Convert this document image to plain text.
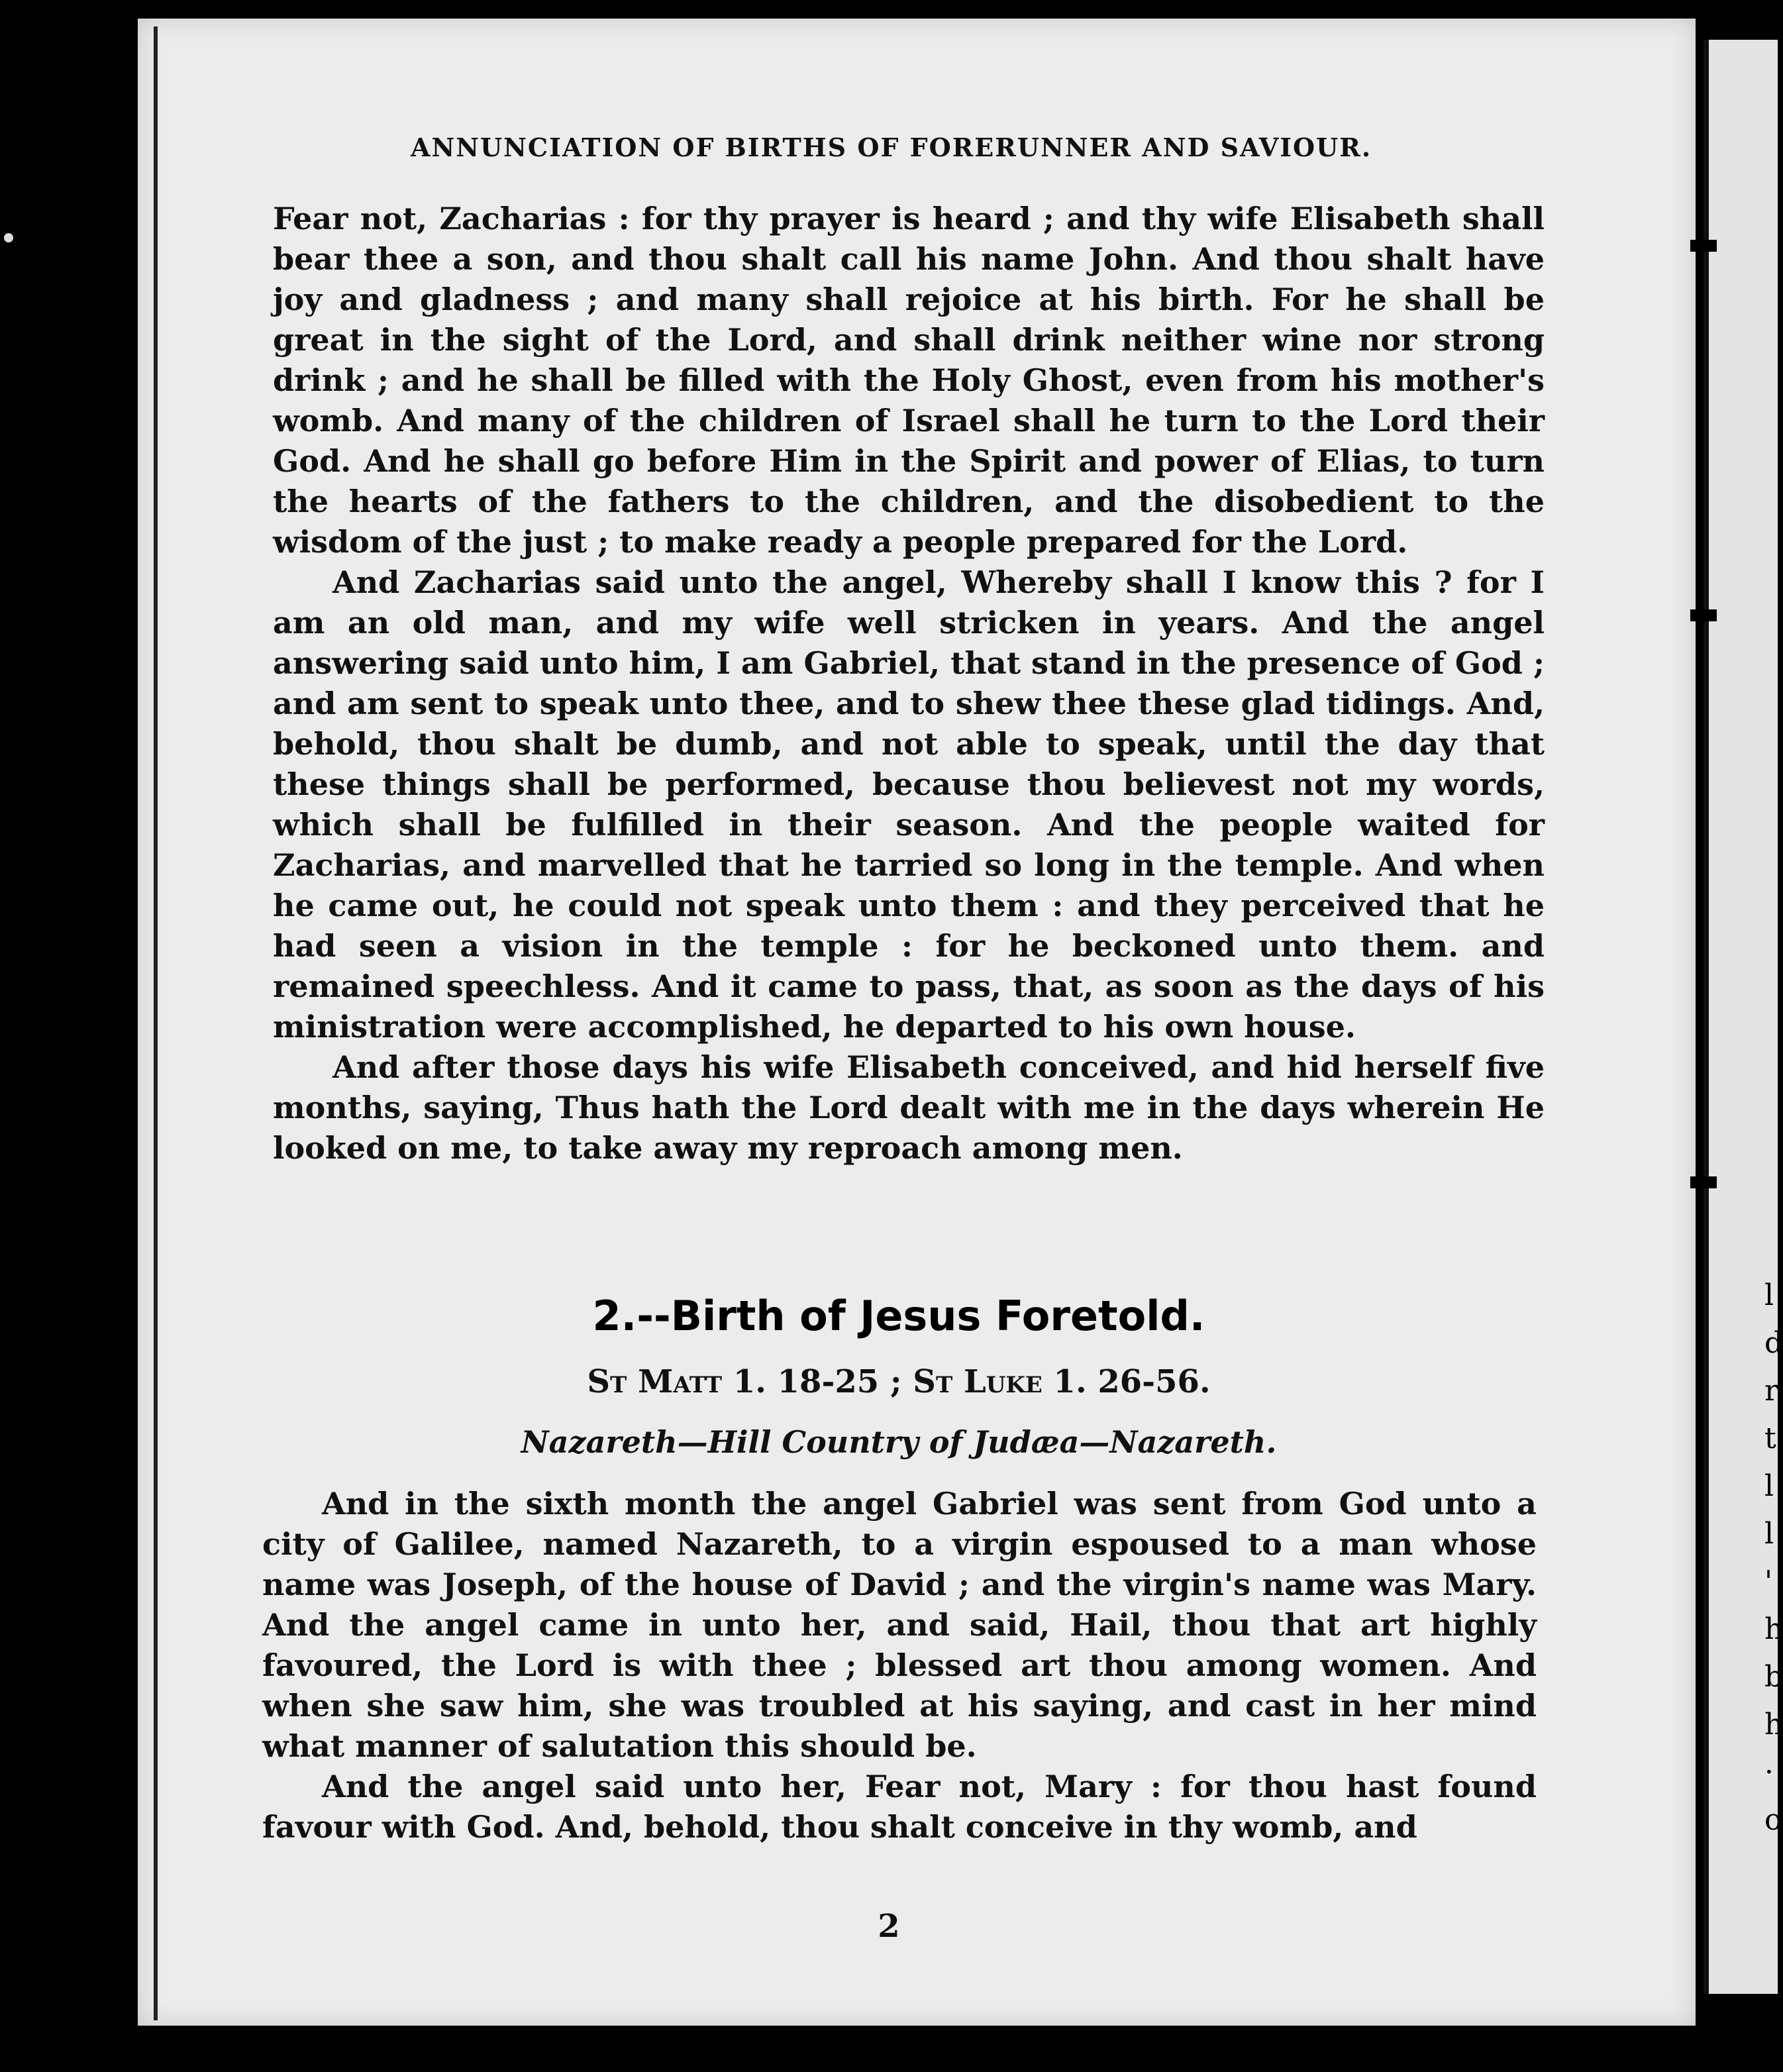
l
d
r
t
l
l
'
h
b
h
·
o
ANNUNCIATION OF BIRTHS OF FORERUNNER AND SAVIOUR.

Fear not, Zacharias : for thy prayer is heard ; and thy wife Elisabeth shall bear thee a son, and thou shalt call his name John. And thou shalt have joy and gladness ; and many shall rejoice at his birth. For he shall be great in the sight of the Lord, and shall drink neither wine nor strong drink ; and he shall be filled with the Holy Ghost, even from his mother's womb. And many of the children of Israel shall he turn to the Lord their God. And he shall go before Him in the Spirit and power of Elias, to turn the hearts of the fathers to the children, and the disobedient to the wisdom of the just ; to make ready a people prepared for the Lord.

And Zacharias said unto the angel, Whereby shall I know this ? for I am an old man, and my wife well stricken in years. And the angel answering said unto him, I am Gabriel, that stand in the presence of God ; and am sent to speak unto thee, and to shew thee these glad tidings. And, behold, thou shalt be dumb, and not able to speak, until the day that these things shall be performed, because thou believest not my words, which shall be fulfilled in their season. And the people waited for Zacharias, and marvelled that he tarried so long in the temple. And when he came out, he could not speak unto them : and they perceived that he had seen a vision in the temple : for he beckoned unto them. and remained speechless. And it came to pass, that, as soon as the days of his ministration were accomplished, he departed to his own house.

And after those days his wife Elisabeth conceived, and hid herself five months, saying, Thus hath the Lord dealt with me in the days wherein He looked on me, to take away my reproach among men.

2.--Birth of Jesus Foretold.
St Matt 1. 18-25 ; St Luke 1. 26-56.
Nazareth—Hill Country of Judæa—Nazareth.

And in the sixth month the angel Gabriel was sent from God unto a city of Galilee, named Nazareth, to a virgin espoused to a man whose name was Joseph, of the house of David ; and the virgin's name was Mary. And the angel came in unto her, and said, Hail, thou that art highly favoured, the Lord is with thee ; blessed art thou among women. And when she saw him, she was troubled at his saying, and cast in her mind what manner of salutation this should be.

And the angel said unto her, Fear not, Mary : for thou hast found favour with God. And, behold, thou shalt conceive in thy womb, and

2
